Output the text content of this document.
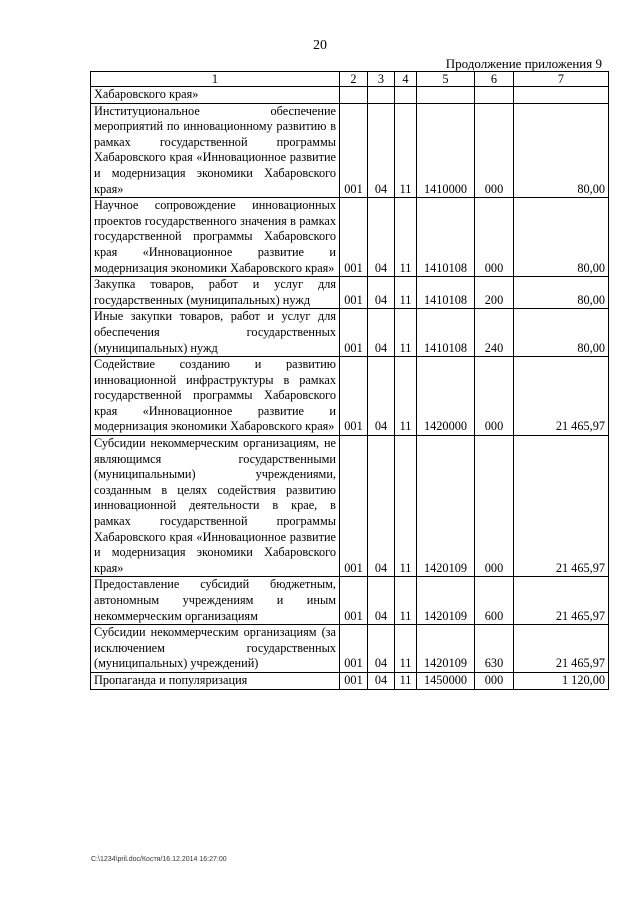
20
Продолжение приложения 9
1	2	3	4	5	6	7
Хабаровского края»						
Институциональное обеспечение мероприятий по инновационному развитию в рамках государственной программы Хабаровского края «Инновационное развитие и модернизация экономики Хабаровского края»	001	04	11	1410000	000	80,00
Научное сопровождение инновационных проектов государственного значения в рамках государственной программы Хабаровского края «Инновационное развитие и модернизация экономики Хабаровского края»	001	04	11	1410108	000	80,00
Закупка товаров, работ и услуг для государственных (муниципальных) нужд	001	04	11	1410108	200	80,00
Иные закупки товаров, работ и услуг для обеспечения государственных (муниципальных) нужд	001	04	11	1410108	240	80,00
Содействие созданию и развитию инновационной инфраструктуры в рамках государственной программы Хабаровского края «Инновационное развитие и модернизация экономики Хабаровского края»	001	04	11	1420000	000	21 465,97
Субсидии некоммерческим организациям, не являющимся государственными (муниципальными) учреждениями, созданным в целях содействия развитию инновационной деятельности в крае, в рамках государственной программы Хабаровского края «Инновационное развитие и модернизация экономики Хабаровского края»	001	04	11	1420109	000	21 465,97
Предоставление субсидий бюджетным, автономным учреждениям и иным некоммерческим организациям	001	04	11	1420109	600	21 465,97
Субсидии некоммерческим организациям (за исключением государственных (муниципальных) учреждений)	001	04	11	1420109	630	21 465,97
Пропаганда и популяризация	001	04	11	1450000	000	1 120,00
C:\1234\pril.doc/Костя/16.12.2014 16:27:00
